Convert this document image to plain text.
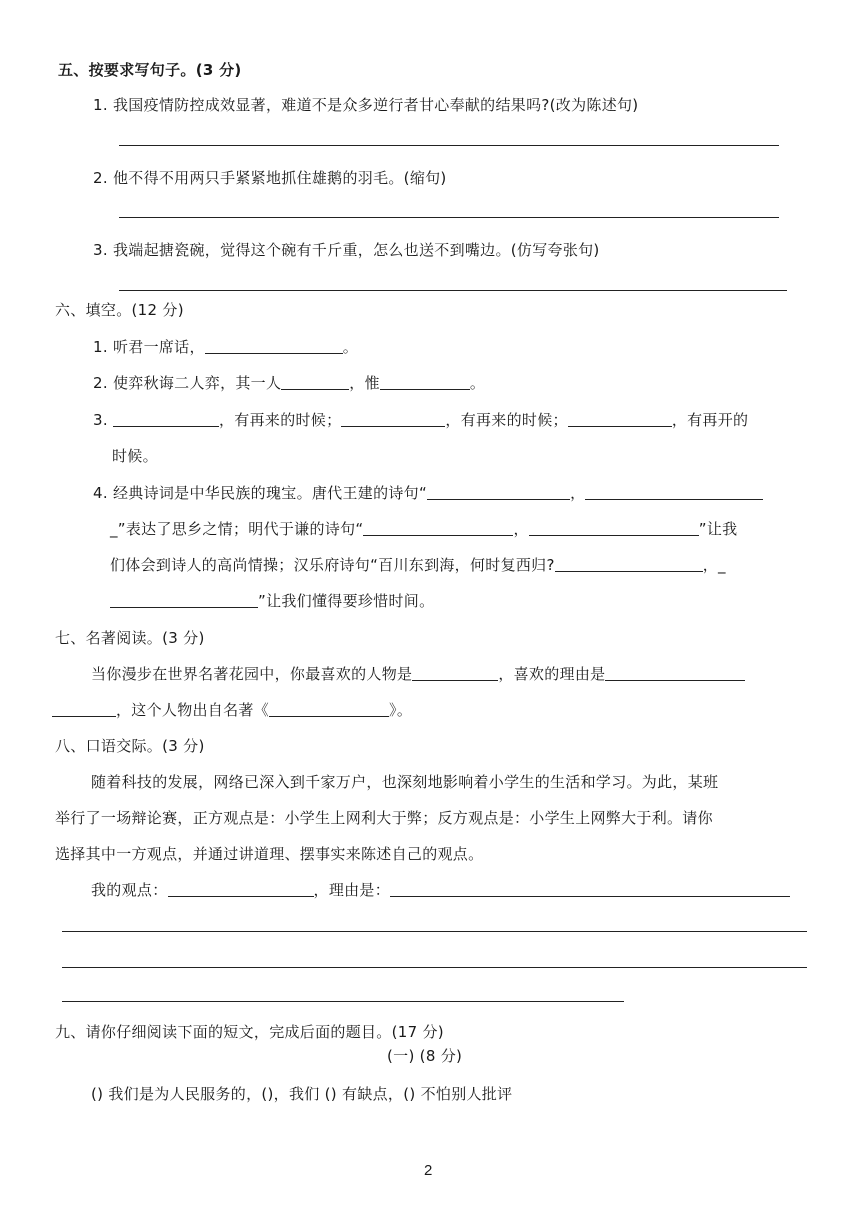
五、按要求写句子。(3 分)
1. 我国疫情防控成效显著，难道不是众多逆行者甘心奉献的结果吗?(改为陈述句)
2. 他不得不用两只手紧紧地抓住雄鹅的羽毛。(缩句)
3. 我端起搪瓷碗，觉得这个碗有千斤重，怎么也送不到嘴边。(仿写夸张句)
六、填空。(12 分)
1. 听君一席话，	。
2. 使弈秋诲二人弈，其一人	，惟	。
3.	，有再来的时候；	，有再来的时候；	，有再开的
时候。
4. 经典诗词是中华民族的瑰宝。唐代王建的诗句“	，
_”表达了思乡之情；明代于谦的诗句“	，	”让我
们体会到诗人的高尚情操；汉乐府诗句“百川东到海，何时复西归?	，_
”让我们懂得要珍惜时间。
七、名著阅读。(3 分)
当你漫步在世界名著花园中，你最喜欢的人物是	，喜欢的理由是
，这个人物出自名著《	》。
八、口语交际。(3 分)
随着科技的发展，网络已深入到千家万户，也深刻地影响着小学生的生活和学习。为此，某班
举行了一场辩论赛，正方观点是：小学生上网利大于弊；反方观点是：小学生上网弊大于利。请你
选择其中一方观点，并通过讲道理、摆事实来陈述自己的观点。
我的观点：	，理由是：
九、请你仔细阅读下面的短文，完成后面的题目。(17 分)
(一) (8 分)
() 我们是为人民服务的，()，我们 () 有缺点，() 不怕别人批评
2
